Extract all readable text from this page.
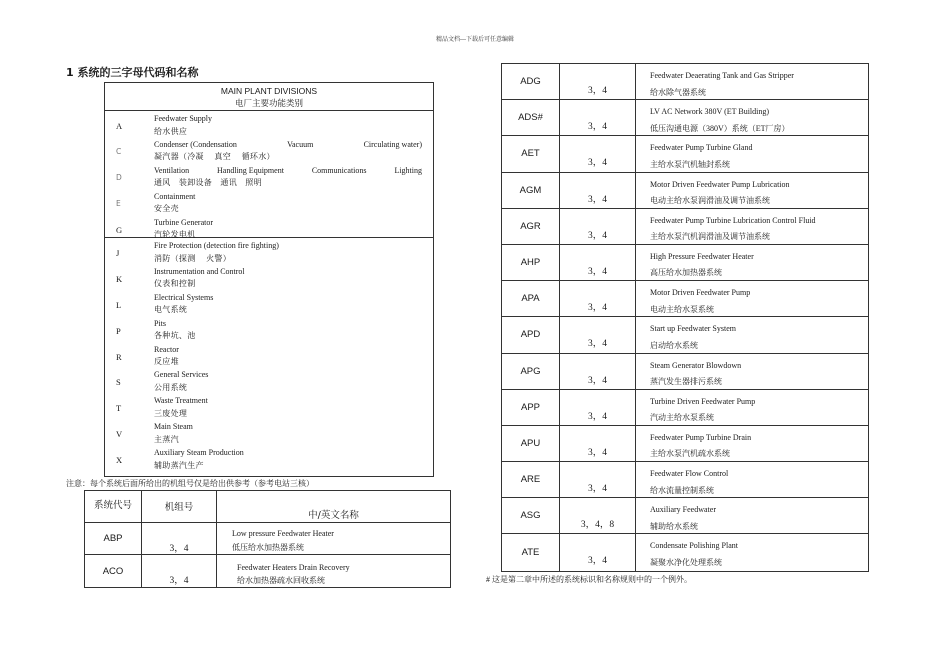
精品文档---下载后可任意编辑
1 系统的三字母代码和名称
MAIN PLANT DIVISIONS
电厂主要功能类别
A
Feedwater Supply
给水供应
C
Condenser (Condensation	Vacuum	Circulating water)
凝汽器（冷凝　 真空　 循环水）
D
Ventilation	Handling Equipment	Communications	Lighting
通风　装卸设备　通讯　照明
E
Containment
安全壳
G
Turbine Generator
汽轮发电机
J
Fire Protection (detection fire fighting)
消防（探测　 火警）
K
Instrumentation and Control
仪表和控制
L
Electrical Systems
电气系统
P
Pits
各种坑、池
R
Reactor
反应堆
S
General Services
公用系统
T
Waste Treatment
三废处理
V
Main Steam
主蒸汽
X
Auxiliary Steam Production
辅助蒸汽生产
注意：每个系统后面所给出的机组号仅是给出供参考（参考电站三核）
系统代号	机组号
中/英文名称
ABP
3，4
Low pressure Feedwater Heater
低压给水加热器系统
ACO
3，4
Feedwater Heaters Drain Recovery
给水加热器疏水回收系统
ADG
3，4
Feedwater Deaerating Tank and Gas Stripper
给水除气器系统
ADS#
3，4
LV AC Network 380V (ET Building)
低压沟通电源（380V）系统（ET厂房）
AET
3，4
Feedwater Pump Turbine Gland
主给水泵汽机轴封系统
AGM
3，4
Motor Driven Feedwater Pump Lubrication
电动主给水泵润滑油及调节油系统
AGR
3，4
Feedwater Pump Turbine Lubrication Control Fluid
主给水泵汽机润滑油及调节油系统
AHP
3，4
High Pressure Feedwater Heater
高压给水加热器系统
APA
3，4
Motor Driven Feedwater Pump
电动主给水泵系统
APD
3，4
Start up Feedwater System
启动给水系统
APG
3，4
Steam Generator Blowdown
蒸汽发生器排污系统
APP
3，4
Turbine Driven Feedwater Pump
汽动主给水泵系统
APU
3，4
Feedwater Pump Turbine Drain
主给水泵汽机疏水系统
ARE
3，4
Feedwater Flow Control
给水流量控制系统
ASG
3，4，8
Auxiliary Feedwater
辅助给水系统
ATE
3，4
Condensate Polishing Plant
凝聚水净化处理系统
# 这是第二章中所述的系统标识和名称规则中的一个例外。
